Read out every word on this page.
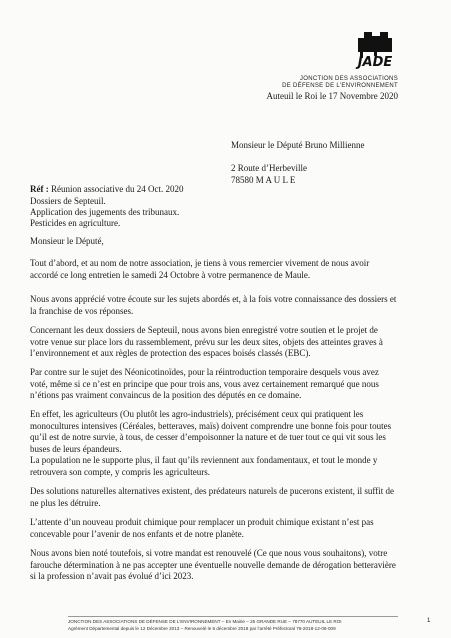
JADE
JONCTION DES ASSOCIATIONS
DE DÉFENSE DE L'ENVIRONNEMENT
Auteuil le Roi le 17 Novembre 2020
Monsieur le Député Bruno Millienne
2 Route d’Herbeville
78580 M A U L E
Réf : Réunion associative du 24 Oct. 2020
Dossiers de Septeuil.
Application des jugements des tribunaux.
Pesticides en agriculture.
Monsieur le Député,
Tout d’abord, et au nom de notre association, je tiens à vous remercier vivement de nous avoir
accordé ce long entretien le samedi 24 Octobre à votre permanence de Maule.
Nous avons apprécié votre écoute sur les sujets abordés et, à la fois votre connaissance des dossiers et
la franchise de vos réponses.
Concernant les deux dossiers de Septeuil, nous avons bien enregistré votre soutien et le projet de
votre venue sur place lors du rassemblement, prévu sur les deux sites, objets des atteintes graves à
l’environnement et aux règles de protection des espaces boisés classés (EBC).
Par contre sur le sujet des Néonicotinoïdes, pour la réintroduction temporaire desquels vous avez
voté, même si ce n’est en principe que pour trois ans, vous avez certainement remarqué que nous
n’étions pas vraiment convaincus de la position des députés en ce domaine.
En effet, les agriculteurs (Ou plutôt les agro-industriels), précisément ceux qui pratiquent les
monocultures intensives (Céréales, betteraves, maïs) doivent comprendre une bonne fois pour toutes
qu’il est de notre survie, à tous, de cesser d’empoisonner la nature et de tuer tout ce qui vit sous les
buses de leurs épandeurs.
La population ne le supporte plus, il faut qu’ils reviennent aux fondamentaux, et tout le monde y
retrouvera son compte, y compris les agriculteurs.
Des solutions naturelles alternatives existent, des prédateurs naturels de pucerons existent, il suffit de
ne plus les détruire.
L’attente d’un nouveau produit chimique pour remplacer un produit chimique existant n’est pas
concevable pour l’avenir de nos enfants et de notre planète.
Nous avons bien noté toutefois, si votre mandat est renouvelé (Ce que nous vous souhaitons), votre
farouche détermination à ne pas accepter une éventuelle nouvelle demande de dérogation betteravière
si la profession n’avait pas évolué d’ici 2023.
JONCTION DES ASSOCIATIONS DE DÉFENSE DE L’ENVIRONNEMENT – En Mairie – 25 GRANDE RUE – 78770 AUTEUIL LE ROI
Agrément Départemental depuis le 12 Décembre 2013 – Renouvelé le 6 décembre 2018 par l’arrêté Préfectoral 78-2018-12-06-009
1
